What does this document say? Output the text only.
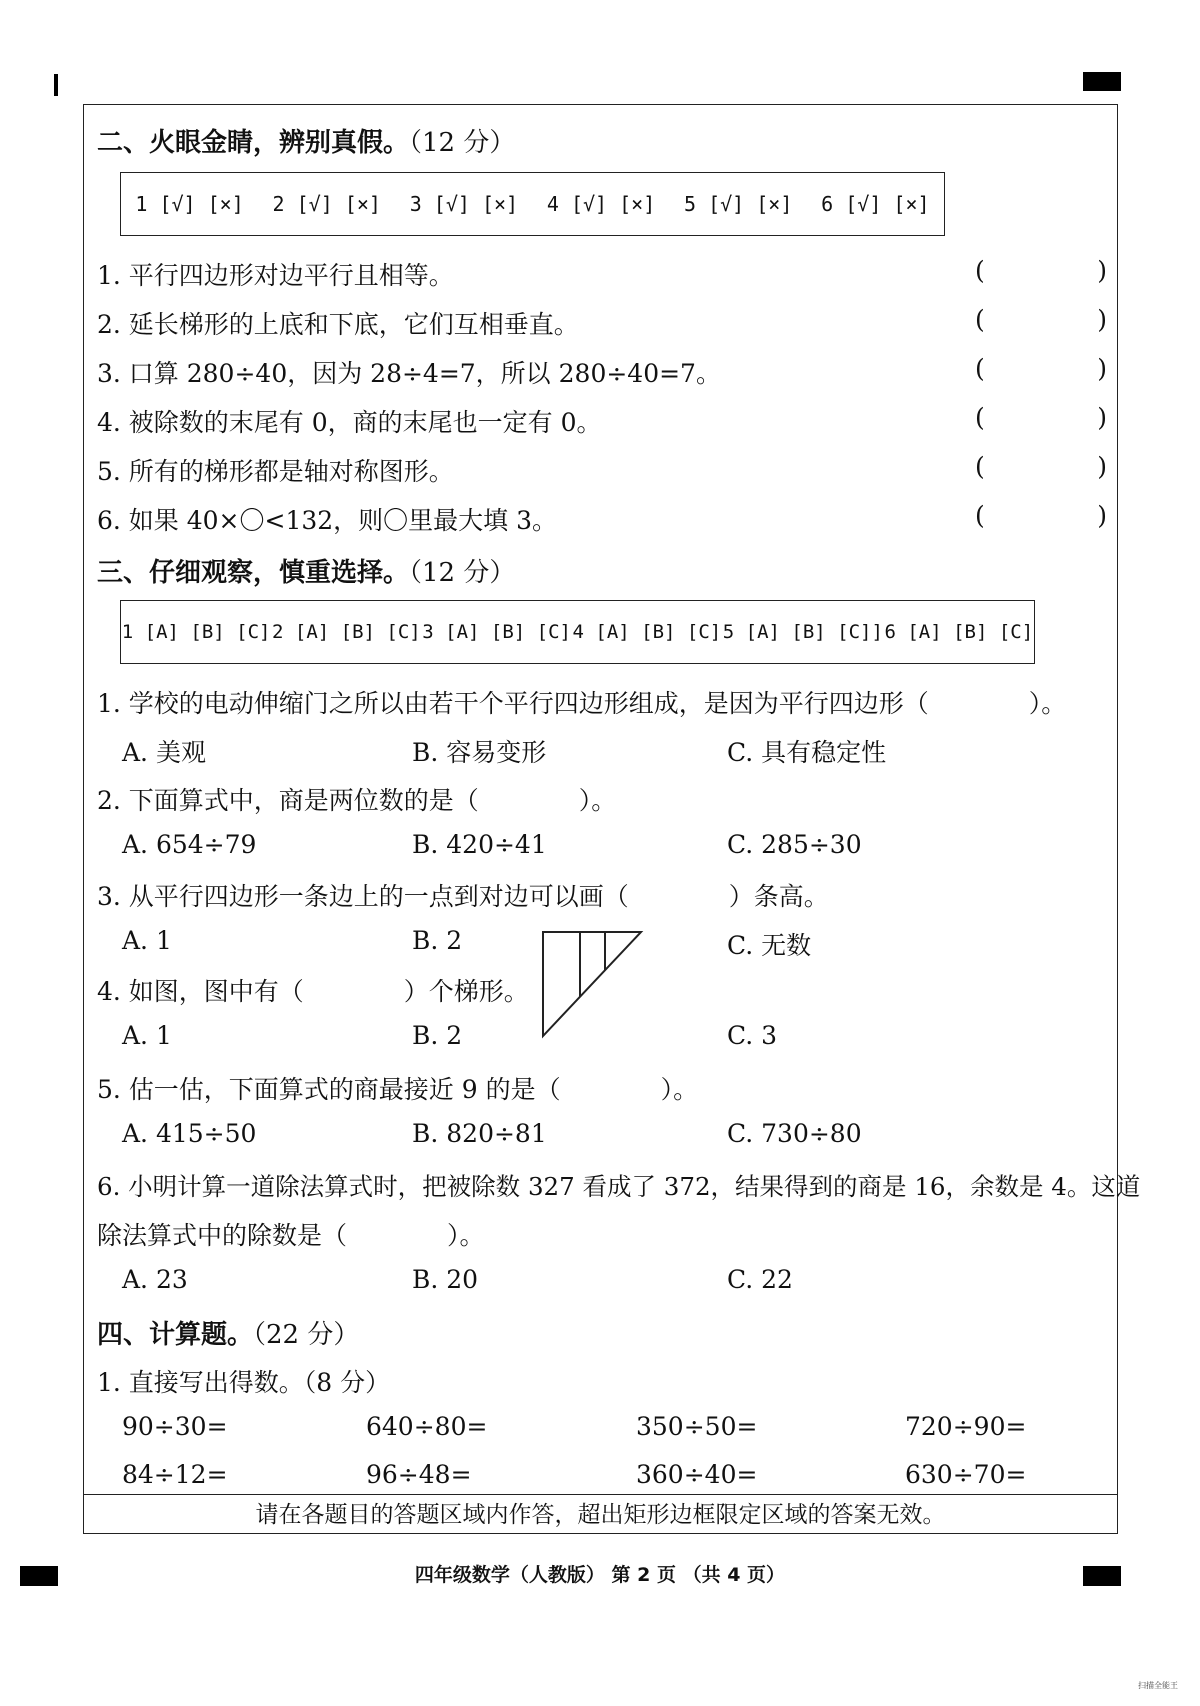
二、火眼金睛，辨别真假。（12 分）
1 [√] [×] 2 [√] [×] 3 [√] [×] 4 [√] [×] 5 [√] [×] 6 [√] [×]
1. 平行四边形对边平行且相等。
2. 延长梯形的上底和下底，它们互相垂直。
3. 口算 280÷40，因为 28÷4=7，所以 280÷40=7。
4. 被除数的末尾有 0，商的末尾也一定有 0。
5. 所有的梯形都是轴对称图形。
6. 如果 40×〇<132，则〇里最大填 3。
(	)
(	)
(	)
(	)
(	)
(	)
三、仔细观察，慎重选择。（12 分）
1 [A] [B] [C] 2 [A] [B] [C] 3 [A] [B] [C] 4 [A] [B] [C] 5 [A] [B] [C]] 6 [A] [B] [C]
1. 学校的电动伸缩门之所以由若干个平行四边形组成，是因为平行四边形（　　　　）。
A. 美观	B. 容易变形	C. 具有稳定性
2. 下面算式中，商是两位数的是（　　　　）。
A. 654÷79	B. 420÷41	C. 285÷30
3. 从平行四边形一条边上的一点到对边可以画（　　　　）条高。
A. 1	B. 2	C. 无数
4. 如图，图中有（　　　　）个梯形。
A. 1	B. 2	C. 3
5. 估一估，下面算式的商最接近 9 的是（　　　　）。
A. 415÷50	B. 820÷81	C. 730÷80
6. 小明计算一道除法算式时，把被除数 327 看成了 372，结果得到的商是 16，余数是 4。这道
除法算式中的除数是（　　　　）。
A. 23	B. 20	C. 22
四、计算题。（22 分）
1. 直接写出得数。（8 分）
90÷30=	640÷80=	350÷50=	720÷90=
84÷12=	96÷48=	360÷40=	630÷70=
请在各题目的答题区域内作答，超出矩形边框限定区域的答案无效。
四年级数学（人教版） 第 2 页 （共 4 页）
扫描全能王
